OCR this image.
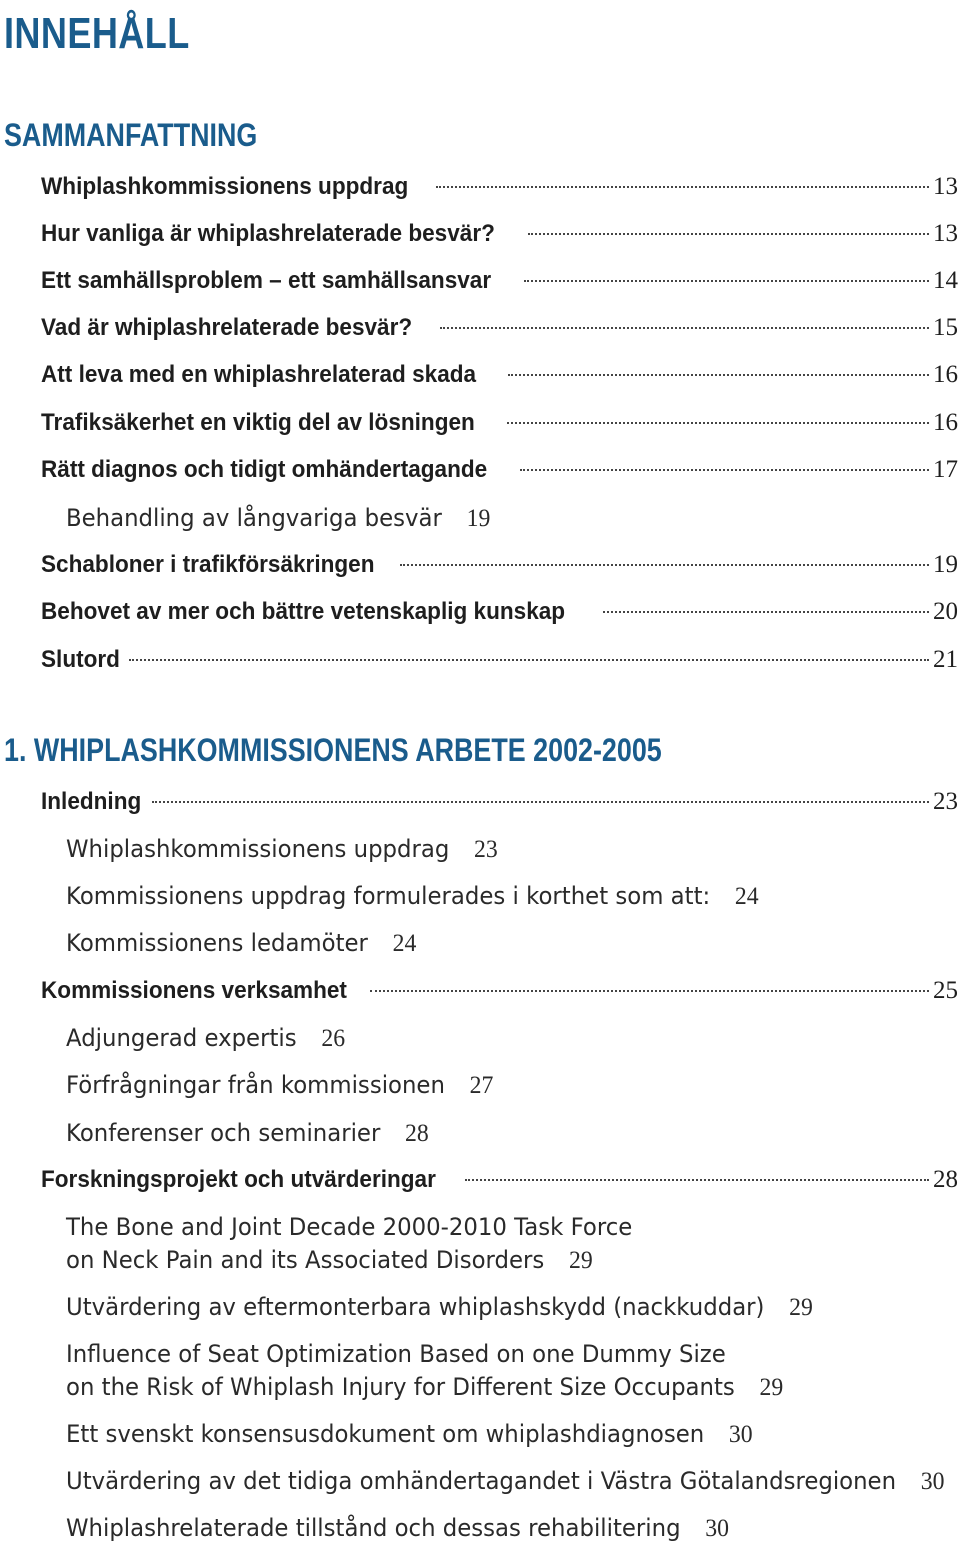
INNEHÅLL
SAMMANFATTNING
Whiplashkommissionens uppdrag	13
Hur vanliga är whiplashrelaterade besvär?	13
Ett samhällsproblem – ett samhällsansvar	14
Vad är whiplashrelaterade besvär?	15
Att leva med en whiplashrelaterad skada	16
Trafiksäkerhet en viktig del av lösningen	16
Rätt diagnos och tidigt omhändertagande	17
Behandling av långvariga besvär 19
Schabloner i trafikförsäkringen	19
Behovet av mer och bättre vetenskaplig kunskap	20
Slutord	21
1. WHIPLASHKOMMISSIONENS ARBETE 2002-2005
Inledning	23
Whiplashkommissionens uppdrag 23
Kommissionens uppdrag formulerades i korthet som att: 24
Kommissionens ledamöter 24
Kommissionens verksamhet	25
Adjungerad expertis 26
Förfrågningar från kommissionen 27
Konferenser och seminarier 28
Forskningsprojekt och utvärderingar	28
The Bone and Joint Decade 2000-2010 Task Force
on Neck Pain and its Associated Disorders 29
Utvärdering av eftermonterbara whiplashskydd (nackkuddar) 29
Influence of Seat Optimization Based on one Dummy Size
on the Risk of Whiplash Injury for Different Size Occupants 29
Ett svenskt konsensusdokument om whiplashdiagnosen 30
Utvärdering av det tidiga omhändertagandet i Västra Götalandsregionen 30
Whiplashrelaterade tillstånd och dessas rehabilitering 30
